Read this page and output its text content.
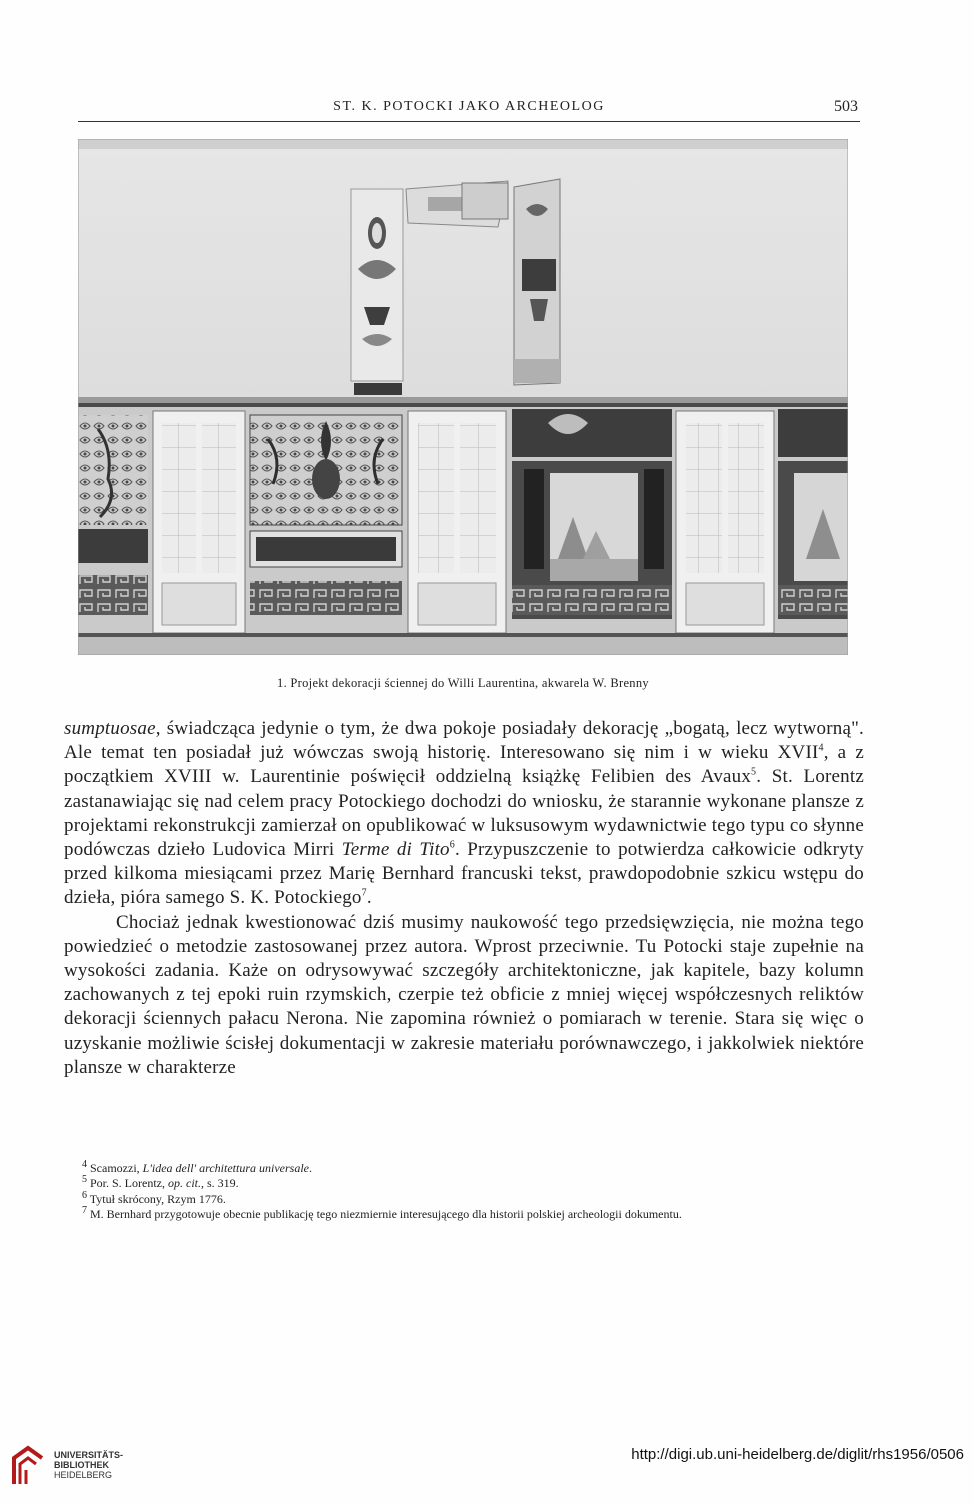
ST. K. POTOCKI JAKO ARCHEOLOG	503
1. Projekt dekoracji ściennej do Willi Laurentina, akwarela W. Brenny

sumptuosae, świadcząca jedynie o tym, że dwa pokoje posiadały dekorację „bogatą, lecz wytworną". Ale temat ten posiadał już wówczas swoją historię. Interesowano się nim i w wieku XVII$^4$, a z początkiem XVIII w. Laurentinie poświęcił oddzielną książkę Felibien des Avaux$^5$. St. Lorentz zastanawiając się nad celem pracy Potockiego dochodzi do wniosku, że starannie wykonane plansze z projektami rekonstrukcji zamierzał on opublikować w luksusowym wydawnictwie tego typu co słynne podówczas dzieło Ludovica Mirri Terme di Tito$^6$. Przypuszczenie to potwierdza całkowicie odkryty przed kilkoma miesiącami przez Marię Bernhard francuski tekst, prawdopodobnie szkicu wstępu do dzieła, pióra samego S. K. Potockiego$^7$.

Chociaż jednak kwestionować dziś musimy naukowość tego przedsięwzięcia, nie można tego powiedzieć o metodzie zastosowanej przez autora. Wprost przeciwnie. Tu Potocki staje zupełnie na wysokości zadania. Każe on odrysowywać szczegóły architektoniczne, jak kapitele, bazy kolumn zachowanych z tej epoki ruin rzymskich, czerpie też obficie z mniej więcej współczesnych reliktów dekoracji ściennych pałacu Nerona. Nie zapomina również o pomiarach w terenie. Stara się więc o uzyskanie możliwie ścisłej dokumentacji w zakresie materiału porównawczego, i jakkolwiek niektóre plansze w charakterze

$^4$ Scamozzi, L'idea dell' architettura universale.

$^5$ Por. S. Lorentz, op. cit., s. 319.

$^6$ Tytuł skrócony, Rzym 1776.

$^7$ M. Bernhard przygotowuje obecnie publikację tego niezmiernie interesującego dla historii polskiej archeologii dokumentu.

UNIVERSITÄTS-
BIBLIOTHEK
HEIDELBERG
http://digi.ub.uni-heidelberg.de/diglit/rhs1956/0506
